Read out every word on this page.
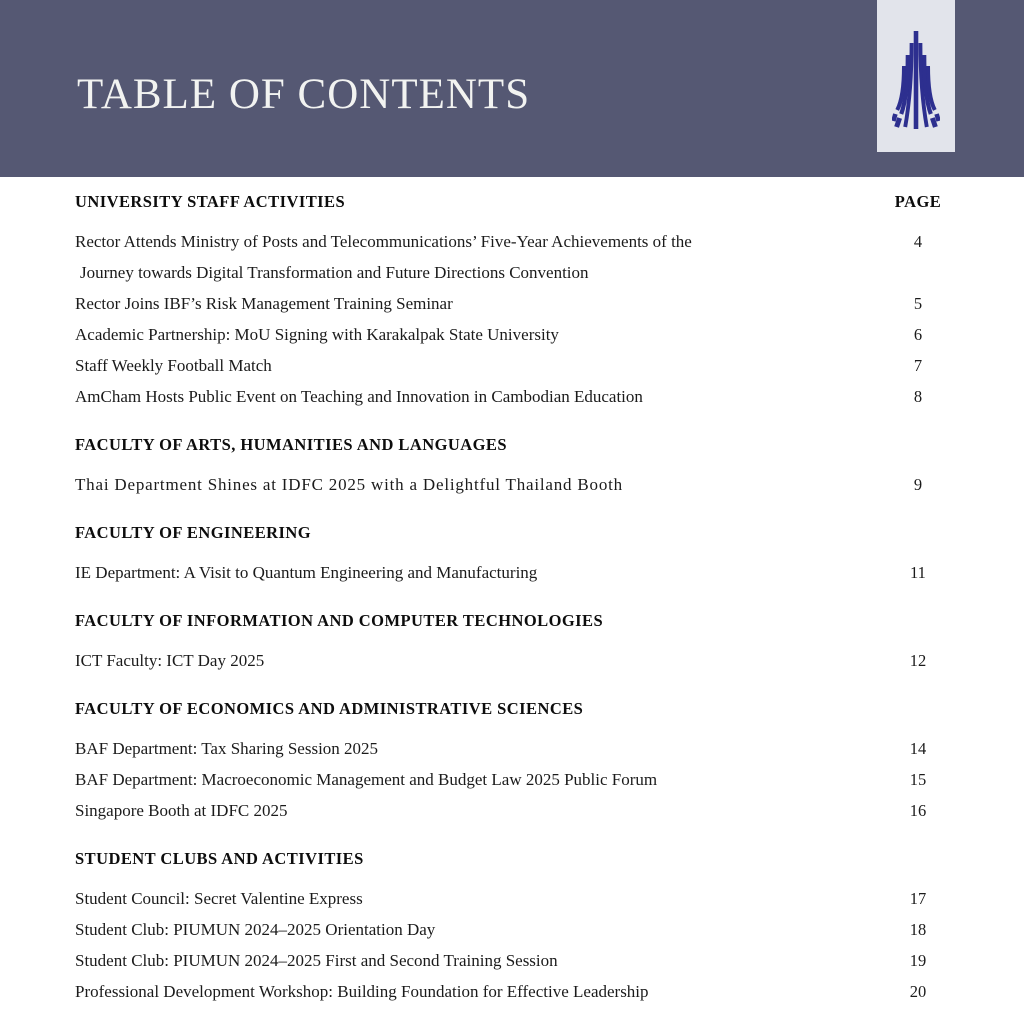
TABLE OF CONTENTS
UNIVERSITY STAFF ACTIVITIES	PAGE
Rector Attends Ministry of Posts and Telecommunications’ Five-Year Achievements of the	4
Journey towards Digital Transformation and Future Directions Convention
Rector Joins IBF’s Risk Management Training Seminar	5
Academic Partnership: MoU Signing with Karakalpak State University	6
Staff Weekly Football Match	7
AmCham Hosts Public Event on Teaching and Innovation in Cambodian Education	8
FACULTY OF ARTS, HUMANITIES AND LANGUAGES
Thai Department Shines at IDFC 2025 with a Delightful Thailand Booth	9
FACULTY OF ENGINEERING
IE Department: A Visit to Quantum Engineering and Manufacturing	11
FACULTY OF INFORMATION AND COMPUTER TECHNOLOGIES
ICT Faculty: ICT Day 2025	12
FACULTY OF ECONOMICS AND ADMINISTRATIVE SCIENCES
BAF Department: Tax Sharing Session 2025	14
BAF Department: Macroeconomic Management and Budget Law 2025 Public Forum	15
Singapore Booth at IDFC 2025	16
STUDENT CLUBS AND ACTIVITIES
Student Council: Secret Valentine Express	17
Student Club: PIUMUN 2024–2025 Orientation Day	18
Student Club: PIUMUN 2024–2025 First and Second Training Session	19
Professional Development Workshop: Building Foundation for Effective Leadership	20
